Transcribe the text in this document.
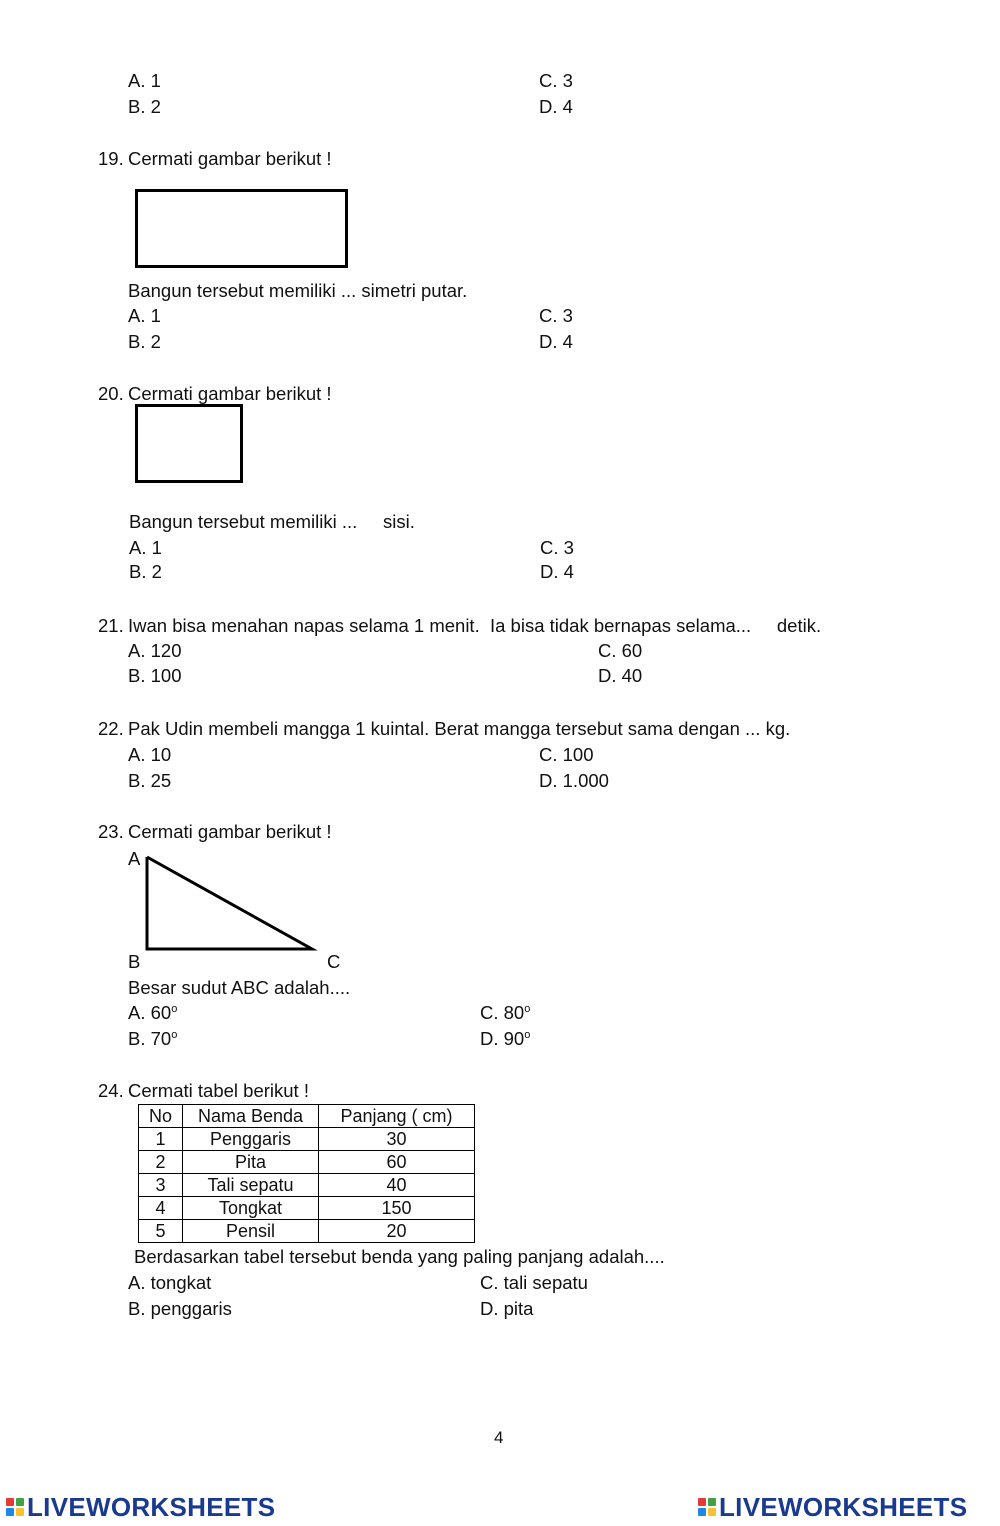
A. 1	C. 3
B. 2	D. 4
19. Cermati gambar berikut !
Bangun tersebut memiliki ... simetri putar.
A. 1	C. 3
B. 2	D. 4
20. Cermati gambar berikut !
Bangun tersebut memiliki ...     sisi.
A. 1	C. 3
B. 2	D. 4
21. Iwan bisa menahan napas selama 1 menit.  Ia bisa tidak bernapas selama...     detik.
A. 120	C. 60
B. 100	D. 40
22. Pak Udin membeli mangga 1 kuintal. Berat mangga tersebut sama dengan ... kg.
A. 10	C. 100
B. 25	D. 1.000
23. Cermati gambar berikut !
A
B	C
Besar sudut ABC adalah....
A. 60$^o$	C. 80$^o$
B. 70$^o$	D. 90$^o$
24. Cermati tabel berikut !
No	Nama Benda	Panjang ( cm)
1	Penggaris	30
2	Pita	60
3	Tali sepatu	40
4	Tongkat	150
5	Pensil	20
Berdasarkan tabel tersebut benda yang paling panjang adalah....
A. tongkat	C. tali sepatu
B. penggaris	D. pita
4
LIVEWORKSHEETS	LIVEWORKSHEETS
